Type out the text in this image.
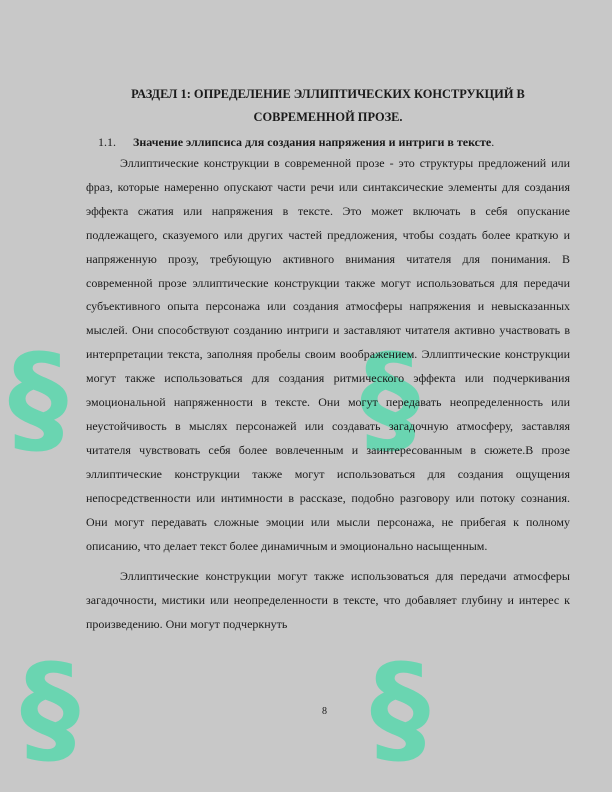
§
§ §
§
РАЗДЕЛ 1: ОПРЕДЕЛЕНИЕ ЭЛЛИПТИЧЕСКИХ КОНСТРУКЦИЙ В
СОВРЕМЕННОЙ ПРОЗЕ.
1.1. Значение эллипсиса для создания напряжения и интриги в тексте.

Эллиптические конструкции в современной прозе - это структуры предложений или фраз, которые намеренно опускают части речи или синтаксические элементы для создания эффекта сжатия или напряжения в тексте. Это может включать в себя опускание подлежащего, сказуемого или других частей предложения, чтобы создать более краткую и напряженную прозу, требующую активного внимания читателя для понимания. В современной прозе эллиптические конструкции также могут использоваться для передачи субъективного опыта персонажа или создания атмосферы напряжения и невысказанных мыслей. Они способствуют созданию интриги и заставляют читателя активно участвовать в интерпретации текста, заполняя пробелы своим воображением. Эллиптические конструкции могут также использоваться для создания ритмического эффекта или подчеркивания эмоциональной напряженности в тексте. Они могут передавать неопределенность или неустойчивость в мыслях персонажей или создавать загадочную атмосферу, заставляя читателя чувствовать себя более вовлеченным и заинтересованным в сюжете.В прозе эллиптические конструкции также могут использоваться для создания ощущения непосредственности или интимности в рассказе, подобно разговору или потоку сознания. Они могут передавать сложные эмоции или мысли персонажа, не прибегая к полному описанию, что делает текст более динамичным и эмоционально насыщенным.

Эллиптические конструкции могут также использоваться для передачи атмосферы загадочности, мистики или неопределенности в тексте, что добавляет глубину и интерес к произведению. Они могут подчеркнуть

8
